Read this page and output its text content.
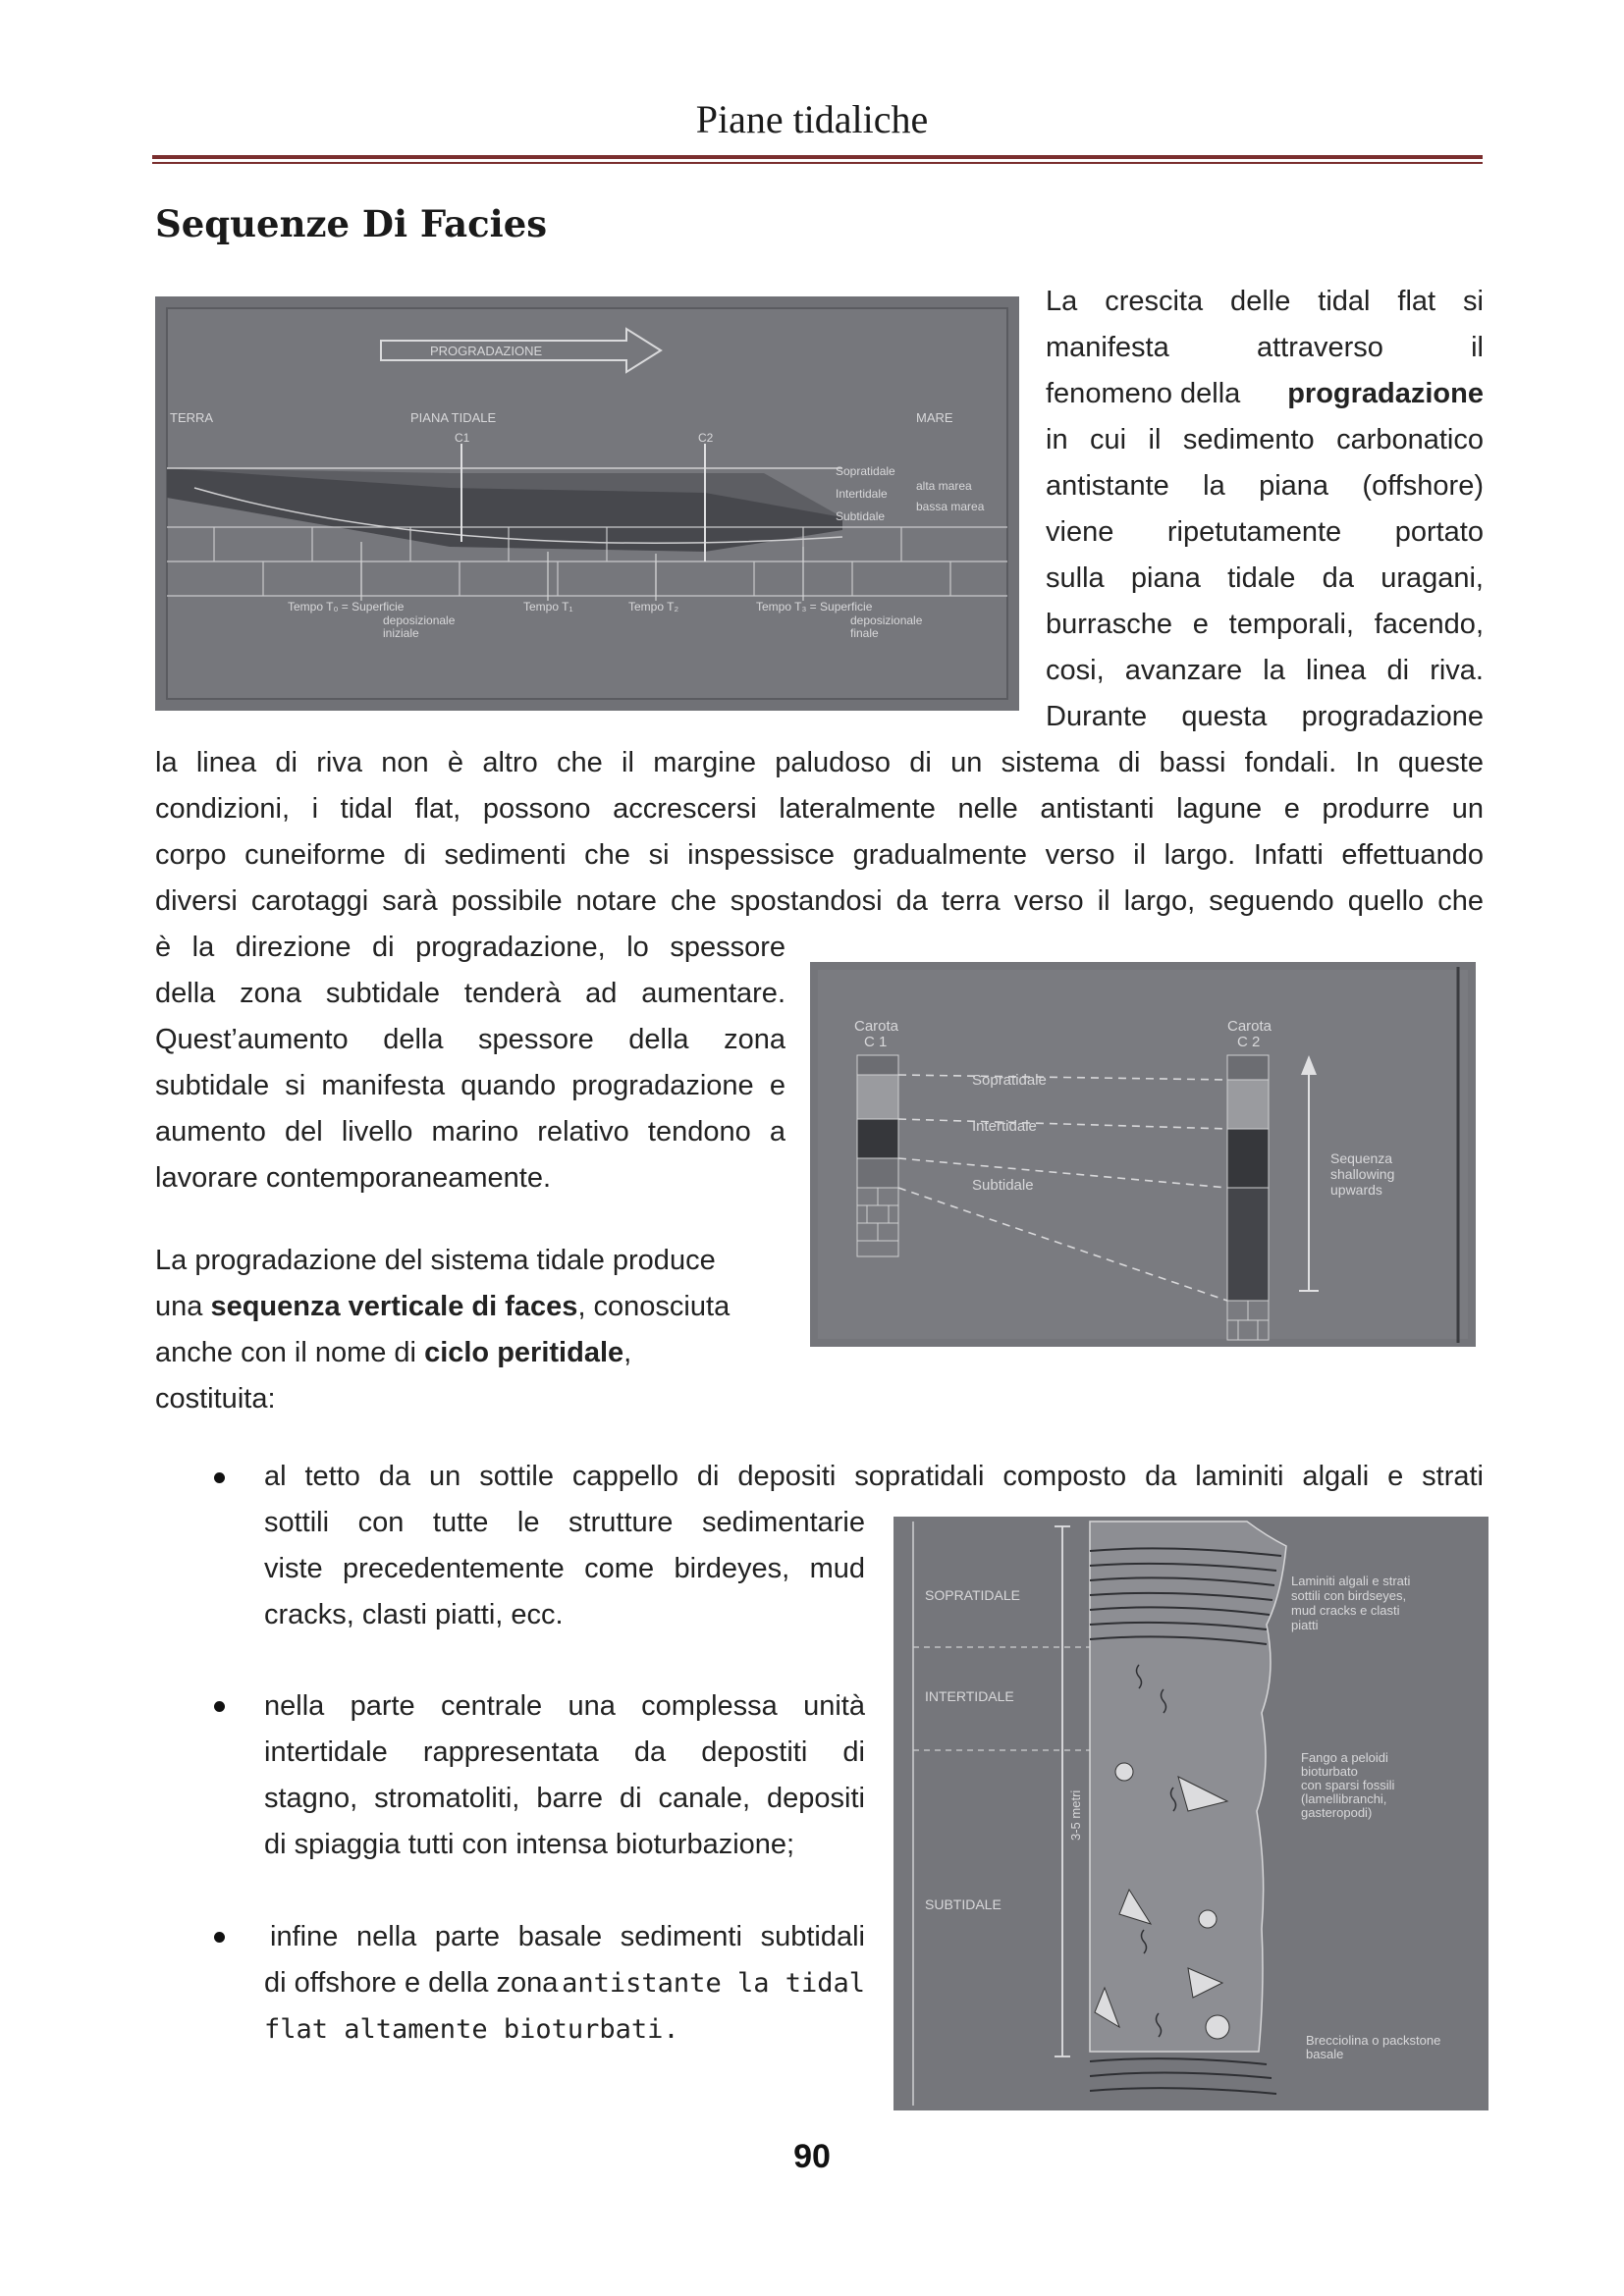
Piane tidaliche
Sequenze Di Facies
PROGRADAZIONE
TERRA	PIANA TIDALE	MARE
C1	C2
Sopratidale
alta marea
Intertidale
bassa marea
Subtidale
Tempo T₀ = Superficie
deposizionale
iniziale
Tempo T₁	Tempo T₂	Tempo T₃ = Superficie
deposizionale
finale
La crescita delle tidal flat si
manifesta attraverso il
fenomeno della progradazione
in cui il sedimento carbonatico
antistante la piana (offshore)
viene ripetutamente portato
sulla piana tidale da uragani,
burrasche e temporali, facendo,
cosi, avanzare la linea di riva.
Durante questa progradazione
la linea di riva non è altro che il margine paludoso di un sistema di bassi fondali. In queste
condizioni, i tidal flat, possono accrescersi lateralmente nelle antistanti lagune e produrre un
corpo cuneiforme di sedimenti che si inspessisce gradualmente verso il largo. Infatti effettuando
diversi carotaggi sarà possibile notare che spostandosi da terra verso il largo, seguendo quello che
è la direzione di progradazione, lo spessore
della zona subtidale tenderà ad aumentare.
Quest’aumento della spessore della zona
subtidale si manifesta quando progradazione e
aumento del livello marino relativo tendono a
lavorare contemporaneamente.
Carota
C 1
Carota
C 2
Sopratidale
Intertidale
Subtidale
Sequenza
shallowing
upwards
La progradazione del sistema tidale produce
una sequenza verticale di faces, conosciuta
anche con il nome di ciclo peritidale,
costituita:
SOPRATIDALE
INTERTIDALE
SUBTIDALE
3-5 metri
Laminiti algali e strati
sottili con birdseyes,
mud cracks e clasti
piatti
Fango a peloidi
bioturbato
con sparsi fossili
(lamellibranchi,
gasteropodi)
Brecciolina o packstone
basale
al tetto da un sottile cappello di depositi sopratidali composto da laminiti algali e strati
sottili con tutte le strutture sedimentarie
viste precedentemente come birdeyes, mud
cracks, clasti piatti, ecc.
nella parte centrale una complessa unità
intertidale rappresentata da depostiti di
stagno, stromatoliti, barre di canale, depositi
di spiaggia tutti con intensa bioturbazione;
infine nella parte basale sedimenti subtidali
di offshore e della zona antistante la tidal
flat altamente bioturbati.
90
